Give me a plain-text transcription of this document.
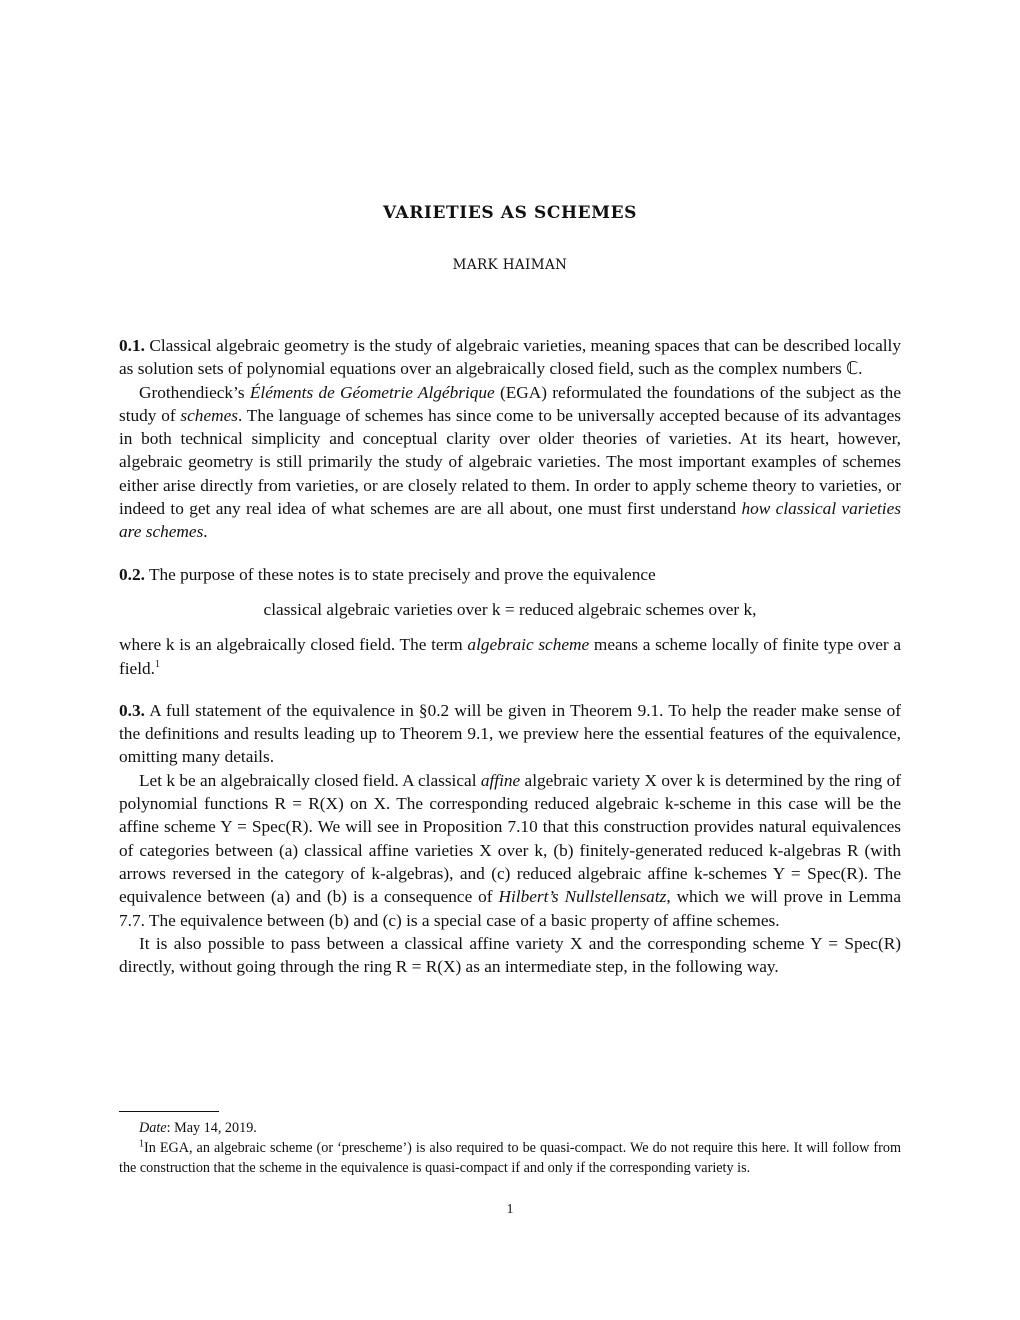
VARIETIES AS SCHEMES
MARK HAIMAN

0.1. Classical algebraic geometry is the study of algebraic varieties, meaning spaces that can be described locally as solution sets of polynomial equations over an algebraically closed field, such as the complex numbers ℂ.

Grothendieck’s Éléments de Géometrie Algébrique (EGA) reformulated the foundations of the subject as the study of schemes. The language of schemes has since come to be universally accepted because of its advantages in both technical simplicity and conceptual clarity over older theories of varieties. At its heart, however, algebraic geometry is still primarily the study of algebraic varieties. The most important examples of schemes either arise directly from varieties, or are closely related to them. In order to apply scheme theory to varieties, or indeed to get any real idea of what schemes are are all about, one must first understand how classical varieties are schemes.

0.2. The purpose of these notes is to state precisely and prove the equivalence

classical algebraic varieties over k = reduced algebraic schemes over k,

where k is an algebraically closed field. The term algebraic scheme means a scheme locally of finite type over a field.$^1$

0.3. A full statement of the equivalence in §0.2 will be given in Theorem 9.1. To help the reader make sense of the definitions and results leading up to Theorem 9.1, we preview here the essential features of the equivalence, omitting many details.

Let k be an algebraically closed field. A classical affine algebraic variety X over k is determined by the ring of polynomial functions R = R(X) on X. The corresponding reduced algebraic k-scheme in this case will be the affine scheme Y = Spec(R). We will see in Proposition 7.10 that this construction provides natural equivalences of categories between (a) classical affine varieties X over k, (b) finitely-generated reduced k-algebras R (with arrows reversed in the category of k-algebras), and (c) reduced algebraic affine k-schemes Y = Spec(R). The equivalence between (a) and (b) is a consequence of Hilbert’s Nullstellensatz, which we will prove in Lemma 7.7. The equivalence between (b) and (c) is a special case of a basic property of affine schemes.

It is also possible to pass between a classical affine variety X and the corresponding scheme Y = Spec(R) directly, without going through the ring R = R(X) as an intermediate step, in the following way.

Date: May 14, 2019.

$^1$In EGA, an algebraic scheme (or ‘prescheme’) is also required to be quasi-compact. We do not require this here. It will follow from the construction that the scheme in the equivalence is quasi-compact if and only if the corresponding variety is.

1
